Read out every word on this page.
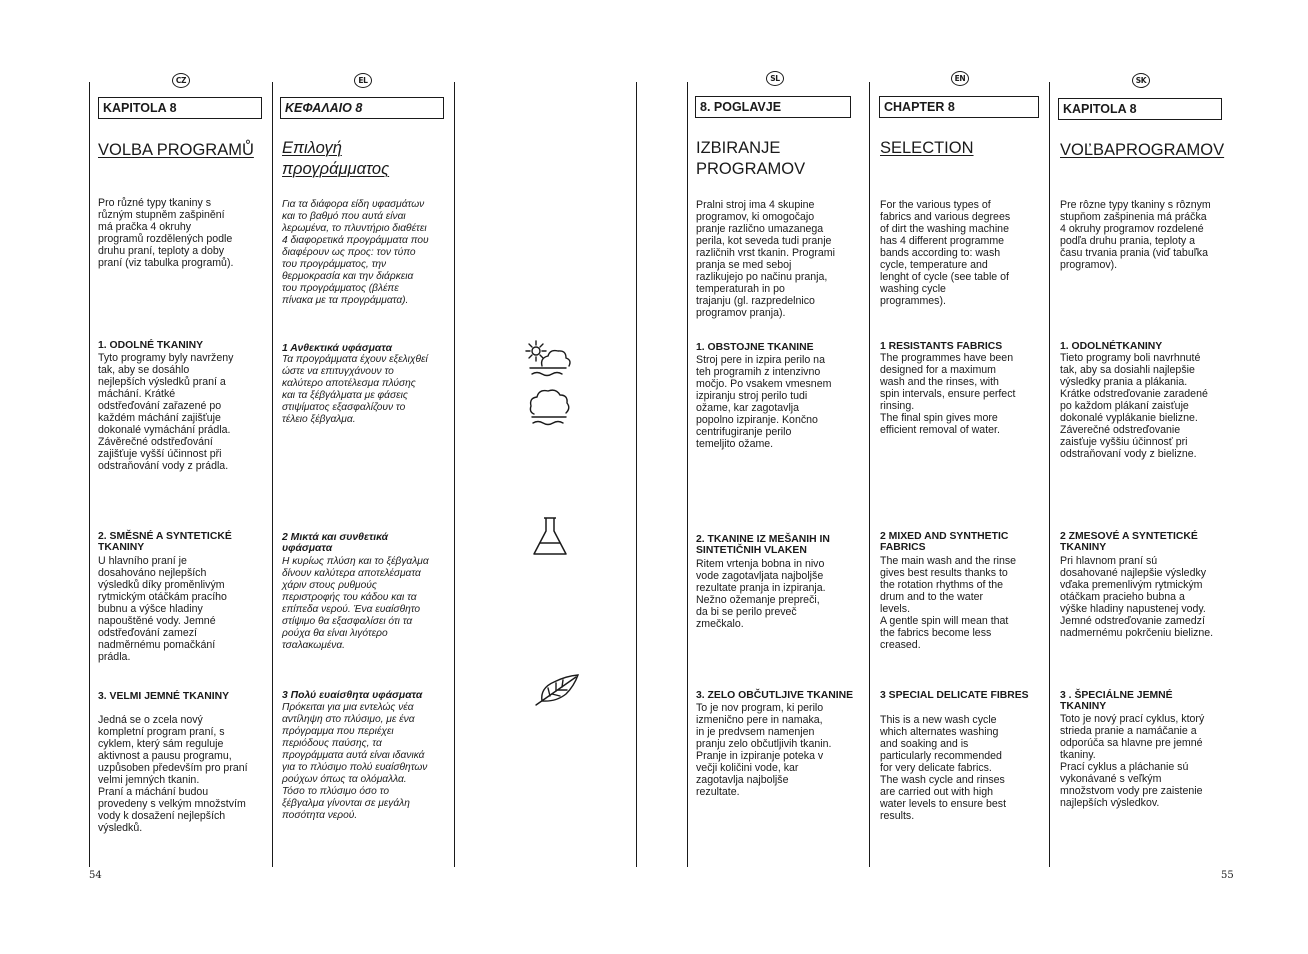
54	55
CZ
KAPITOLA 8
VOLBA PROGRAMŮ
Pro různé typy tkaniny s
různým stupněm zašpinění
má pračka 4 okruhy
programů rozdělených podle
druhu praní, teploty a doby
praní (viz tabulka programů).
1. ODOLNÉ TKANINY
Tyto programy byly navrženy
tak, aby se dosáhlo
nejlepších výsledků praní a
máchání. Krátké
odstřeďování zařazené po
každém máchání zajišťuje
dokonalé vymáchání prádla.
Závěrečné odstřeďování
zajišťuje vyšší účinnost při
odstraňování vody z prádla.
2. SMĚSNÉ A SYNTETICKÉ
TKANINY
U hlavního praní je
dosahováno nejlepších
výsledků díky proměnlivým
rytmickým otáčkám pracího
bubnu a výšce hladiny
napouštěné vody. Jemné
odstřeďování zamezí
nadměrnému pomačkání
prádla.
3. VELMI JEMNÉ TKANINY
Jedná se o zcela nový
kompletní program praní, s
cyklem, který sám reguluje
aktivnost a pausu programu,
uzpůsoben především pro praní
velmi jemných tkanin.
Praní a máchání budou
provedeny s velkým množstvím
vody k dosažení nejlepších
výsledků.
EL
ΚΕΦΑΛΑΙΟ 8
Επιλογή
προγράμματος
Για τα διάφορα είδη υφασμάτων
και το βαθμό που αυτά είναι
λερωμένα, το πλυντήριο διαθέτει
4 διαφορετικά προγράμματα που
διαφέρουν ως προς: τον τύπο
του προγράμματος, την
θερμοκρασία και την διάρκεια
του προγράμματος (βλέπε
πίνακα με τα προγράμματα).
1 Ανθεκτικά υφάσματα
Τα προγράμματα έχουν εξελιχθεί
ώστε να επιτυγχάνουν το
καλύτερο αποτέλεσμα πλύσης
και τα ξέβγάλματα με φάσεις
στιψίματος εξασφαλίζουν το
τέλειο ξέβγαλμα.
2 Μικτά και συνθετικά
υφάσματα
Η κυρίως πλύση και το ξέβγαλμα
δίνουν καλύτερα αποτελέσματα
χάριν στους ρυθμούς
περιστροφής του κάδου και τα
επίπεδα νερού. Ένα ευαίσθητο
στίψιμο θα εξασφαλίσει ότι τα
ρούχα θα είναι λιγότερο
τσαλακωμένα.
3 Πολύ ευαίσθητα υφάσματα
Πρόκειται για μια εντελώς νέα
αντίληψη στο πλύσιμο, με ένα
πρόγραμμα που περιέχει
περιόδους παύσης, τα
προγράμματα αυτά είναι ιδανικά
για το πλύσιμο πολύ ευαίσθητων
ρούχων όπως τα ολόμαλλα.
Τόσο το πλύσιμο όσο το
ξέβγαλμα γίνονται σε μεγάλη
ποσότητα νερού.
SL
8. POGLAVJE
IZBIRANJE
PROGRAMOV
Pralni stroj ima 4 skupine
programov, ki omogočajo
pranje različno umazanega
perila, kot seveda tudi pranje
različnih vrst tkanin. Programi
pranja se med seboj
razlikujejo po načinu pranja,
temperaturah in po
trajanju (gl. razpredelnico
programov pranja).
1. OBSTOJNE TKANINE
Stroj pere in izpira perilo na
teh programih z intenzivno
močjo. Po vsakem vmesnem
izpiranju stroj perilo tudi
ožame, kar zagotavlja
popolno izpiranje. Končno
centrifugiranje perilo
temeljito ožame.
2. TKANINE IZ MEŠANIH IN
SINTETIČNIH VLAKEN
Ritem vrtenja bobna in nivo
vode zagotavljata najboljše
rezultate pranja in izpiranja.
Nežno ožemanje prepreči,
da bi se perilo preveč
zmečkalo.
3. ZELO OBČUTLJIVE TKANINE
To je nov program, ki perilo
izmenično pere in namaka,
in je predvsem namenjen
pranju zelo občutljivih tkanin.
Pranje in izpiranje poteka v
večji količini vode, kar
zagotavlja najboljše
rezultate.
EN
CHAPTER 8
SELECTION
For the various types of
fabrics and various degrees
of dirt the washing machine
has 4 different programme
bands according to: wash
cycle, temperature and
lenght of cycle (see table of
washing cycle
programmes).
1 RESISTANTS FABRICS
The programmes have been
designed for a maximum
wash and the rinses, with
spin intervals, ensure perfect
rinsing.
The final spin gives more
efficient removal of water.
2 MIXED AND SYNTHETIC
FABRICS
The main wash and the rinse
gives best results thanks to
the rotation rhythms of the
drum and to the water
levels.
A gentle spin will mean that
the fabrics become less
creased.
3 SPECIAL DELICATE FIBRES
This is a new wash cycle
which alternates washing
and soaking and is
particularly recommended
for very delicate fabrics.
The wash cycle and rinses
are carried out with high
water levels to ensure best
results.
SK
KAPITOLA 8
VOĽBAPROGRAMOV
Pre rôzne typy tkaniny s rôznym
stupňom zašpinenia má práčka
4 okruhy programov rozdelené
podľa druhu prania, teploty a
času trvania prania (viď tabuľka
programov).
1. ODOLNÉTKANINY
Tieto programy boli navrhnuté
tak, aby sa dosiahli najlepšie
výsledky prania a plákania.
Krátke odstreďovanie zaradené
po každom plákaní zaisťuje
dokonalé vyplákanie bielizne.
Záverečné odstreďovanie
zaisťuje vyššiu účinnosť pri
odstraňovaní vody z bielizne.
2 ZMESOVÉ A SYNTETICKÉ
TKANINY
Pri hlavnom praní sú
dosahované najlepšie výsledky
vďaka premenlivým rytmickým
otáčkam pracieho bubna a
výške hladiny napustenej vody.
Jemné odstreďovanie zamedzí
nadmernému pokrčeniu bielizne.
3 . ŠPECIÁLNE JEMNÉ
TKANINY
Toto je nový prací cyklus, ktorý
strieda pranie a namáčanie a
odporúča sa hlavne pre jemné
tkaniny.
Prací cyklus a pláchanie sú
vykonávané s veľkým
množstvom vody pre zaistenie
najlepších výsledkov.
